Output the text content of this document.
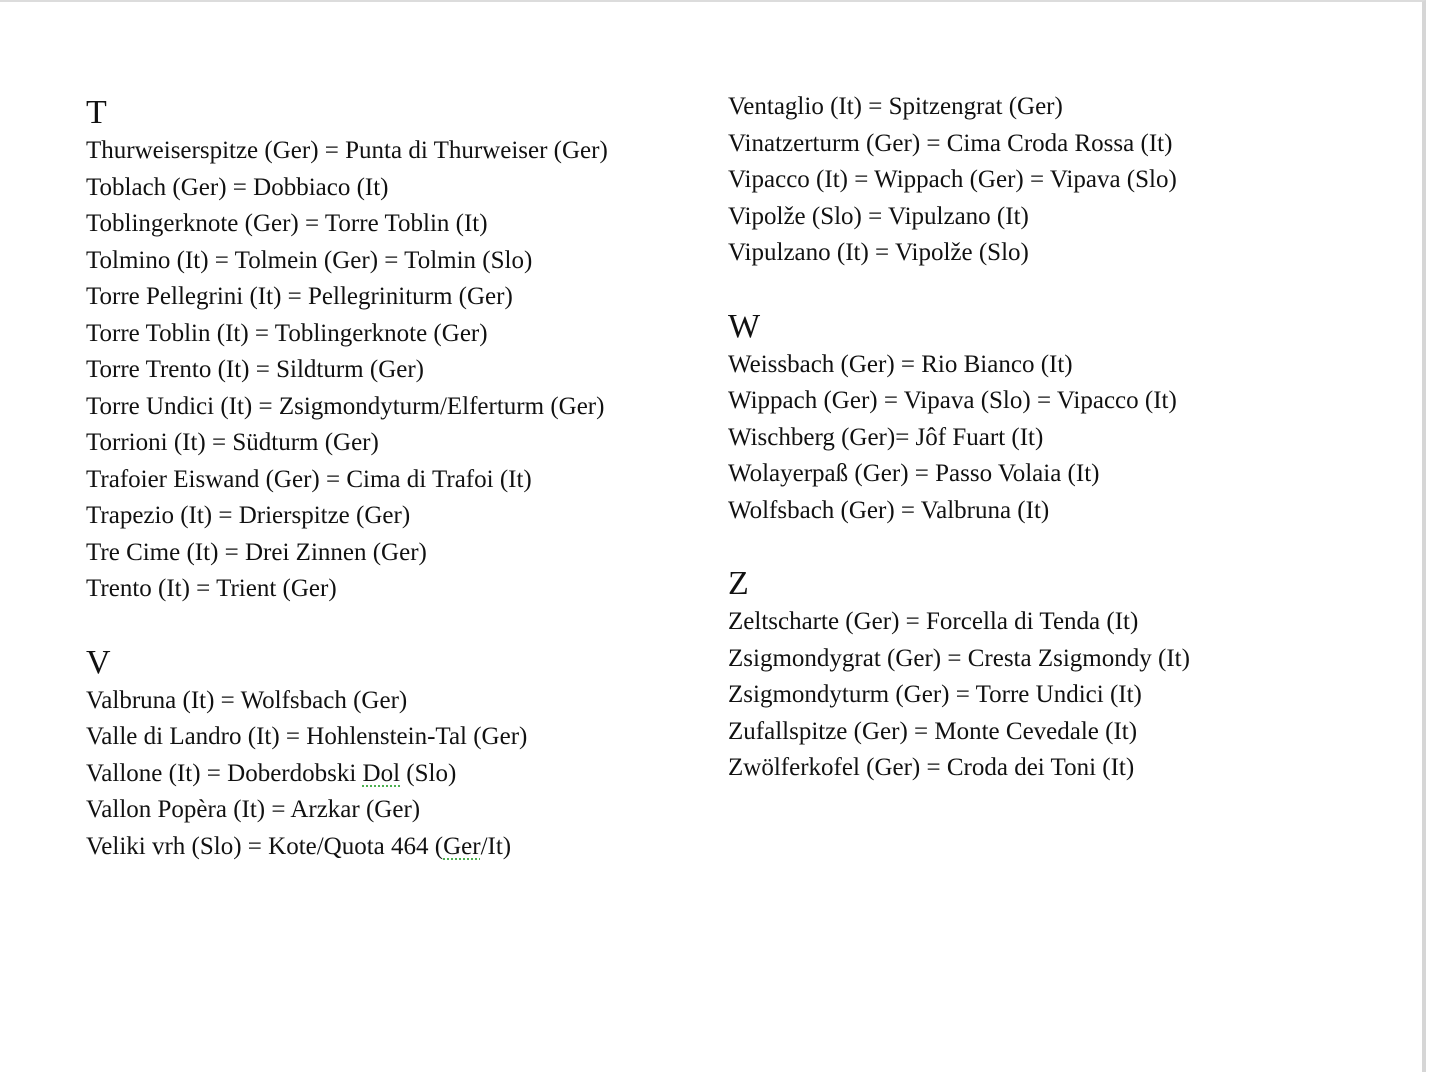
T
Thurweiserspitze (Ger) = Punta di Thurweiser (Ger)
Toblach (Ger) = Dobbiaco (It)
Toblingerknote (Ger) = Torre Toblin (It)
Tolmino (It) = Tolmein (Ger) = Tolmin (Slo)
Torre Pellegrini (It) = Pellegriniturm (Ger)
Torre Toblin (It) = Toblingerknote (Ger)
Torre Trento (It) = Sildturm (Ger)
Torre Undici (It) = Zsigmondyturm/Elferturm (Ger)
Torrioni (It) = Südturm (Ger)
Trafoier Eiswand (Ger) = Cima di Trafoi (It)
Trapezio (It) = Drierspitze (Ger)
Tre Cime (It) = Drei Zinnen (Ger)
Trento (It) = Trient (Ger)
V
Valbruna (It) = Wolfsbach (Ger)
Valle di Landro (It) = Hohlenstein-Tal (Ger)
Vallone (It) = Doberdobski Dol (Slo)
Vallon Popèra (It) = Arzkar (Ger)
Veliki vrh (Slo) = Kote/Quota 464 (Ger/It)
Ventaglio (It) = Spitzengrat (Ger)
Vinatzerturm (Ger) = Cima Croda Rossa (It)
Vipacco (It) = Wippach (Ger) = Vipava (Slo)
Vipolže (Slo) = Vipulzano (It)
Vipulzano (It) = Vipolže (Slo)
W
Weissbach (Ger) = Rio Bianco (It)
Wippach (Ger) = Vipava (Slo) = Vipacco (It)
Wischberg (Ger)= Jôf Fuart (It)
Wolayerpaß (Ger) = Passo Volaia (It)
Wolfsbach (Ger) = Valbruna (It)
Z
Zeltscharte (Ger) = Forcella di Tenda (It)
Zsigmondygrat (Ger) = Cresta Zsigmondy (It)
Zsigmondyturm (Ger) = Torre Undici (It)
Zufallspitze (Ger) = Monte Cevedale (It)
Zwölferkofel (Ger) = Croda dei Toni (It)
